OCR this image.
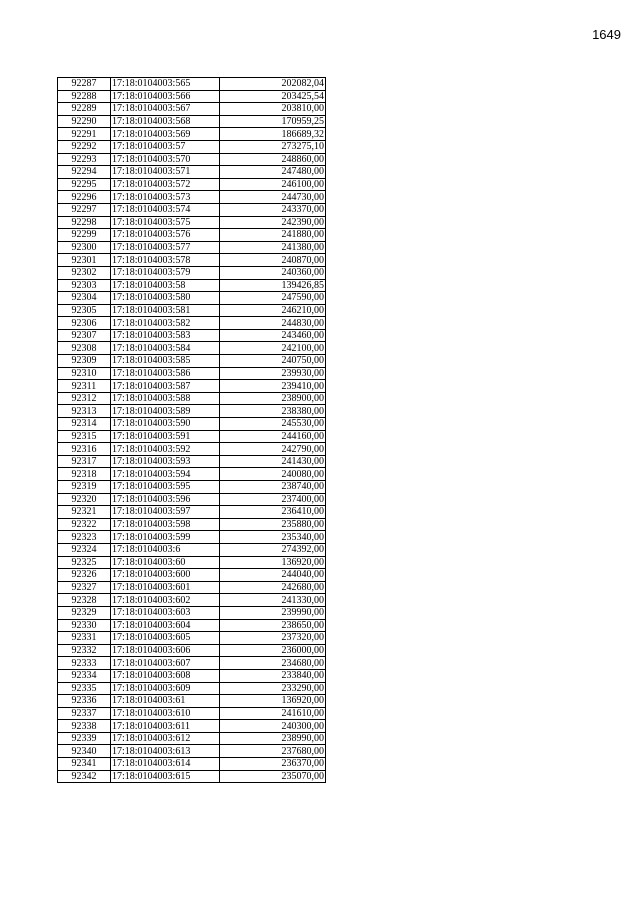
1649
92287	17:18:0104003:565	202082,04
92288	17:18:0104003:566	203425,54
92289	17:18:0104003:567	203810,00
92290	17:18:0104003:568	170959,25
92291	17:18:0104003:569	186689,32
92292	17:18:0104003:57	273275,10
92293	17:18:0104003:570	248860,00
92294	17:18:0104003:571	247480,00
92295	17:18:0104003:572	246100,00
92296	17:18:0104003:573	244730,00
92297	17:18:0104003:574	243370,00
92298	17:18:0104003:575	242390,00
92299	17:18:0104003:576	241880,00
92300	17:18:0104003:577	241380,00
92301	17:18:0104003:578	240870,00
92302	17:18:0104003:579	240360,00
92303	17:18:0104003:58	139426,85
92304	17:18:0104003:580	247590,00
92305	17:18:0104003:581	246210,00
92306	17:18:0104003:582	244830,00
92307	17:18:0104003:583	243460,00
92308	17:18:0104003:584	242100,00
92309	17:18:0104003:585	240750,00
92310	17:18:0104003:586	239930,00
92311	17:18:0104003:587	239410,00
92312	17:18:0104003:588	238900,00
92313	17:18:0104003:589	238380,00
92314	17:18:0104003:590	245530,00
92315	17:18:0104003:591	244160,00
92316	17:18:0104003:592	242790,00
92317	17:18:0104003:593	241430,00
92318	17:18:0104003:594	240080,00
92319	17:18:0104003:595	238740,00
92320	17:18:0104003:596	237400,00
92321	17:18:0104003:597	236410,00
92322	17:18:0104003:598	235880,00
92323	17:18:0104003:599	235340,00
92324	17:18:0104003:6	274392,00
92325	17:18:0104003:60	136920,00
92326	17:18:0104003:600	244040,00
92327	17:18:0104003:601	242680,00
92328	17:18:0104003:602	241330,00
92329	17:18:0104003:603	239990,00
92330	17:18:0104003:604	238650,00
92331	17:18:0104003:605	237320,00
92332	17:18:0104003:606	236000,00
92333	17:18:0104003:607	234680,00
92334	17:18:0104003:608	233840,00
92335	17:18:0104003:609	233290,00
92336	17:18:0104003:61	136920,00
92337	17:18:0104003:610	241610,00
92338	17:18:0104003:611	240300,00
92339	17:18:0104003:612	238990,00
92340	17:18:0104003:613	237680,00
92341	17:18:0104003:614	236370,00
92342	17:18:0104003:615	235070,00
